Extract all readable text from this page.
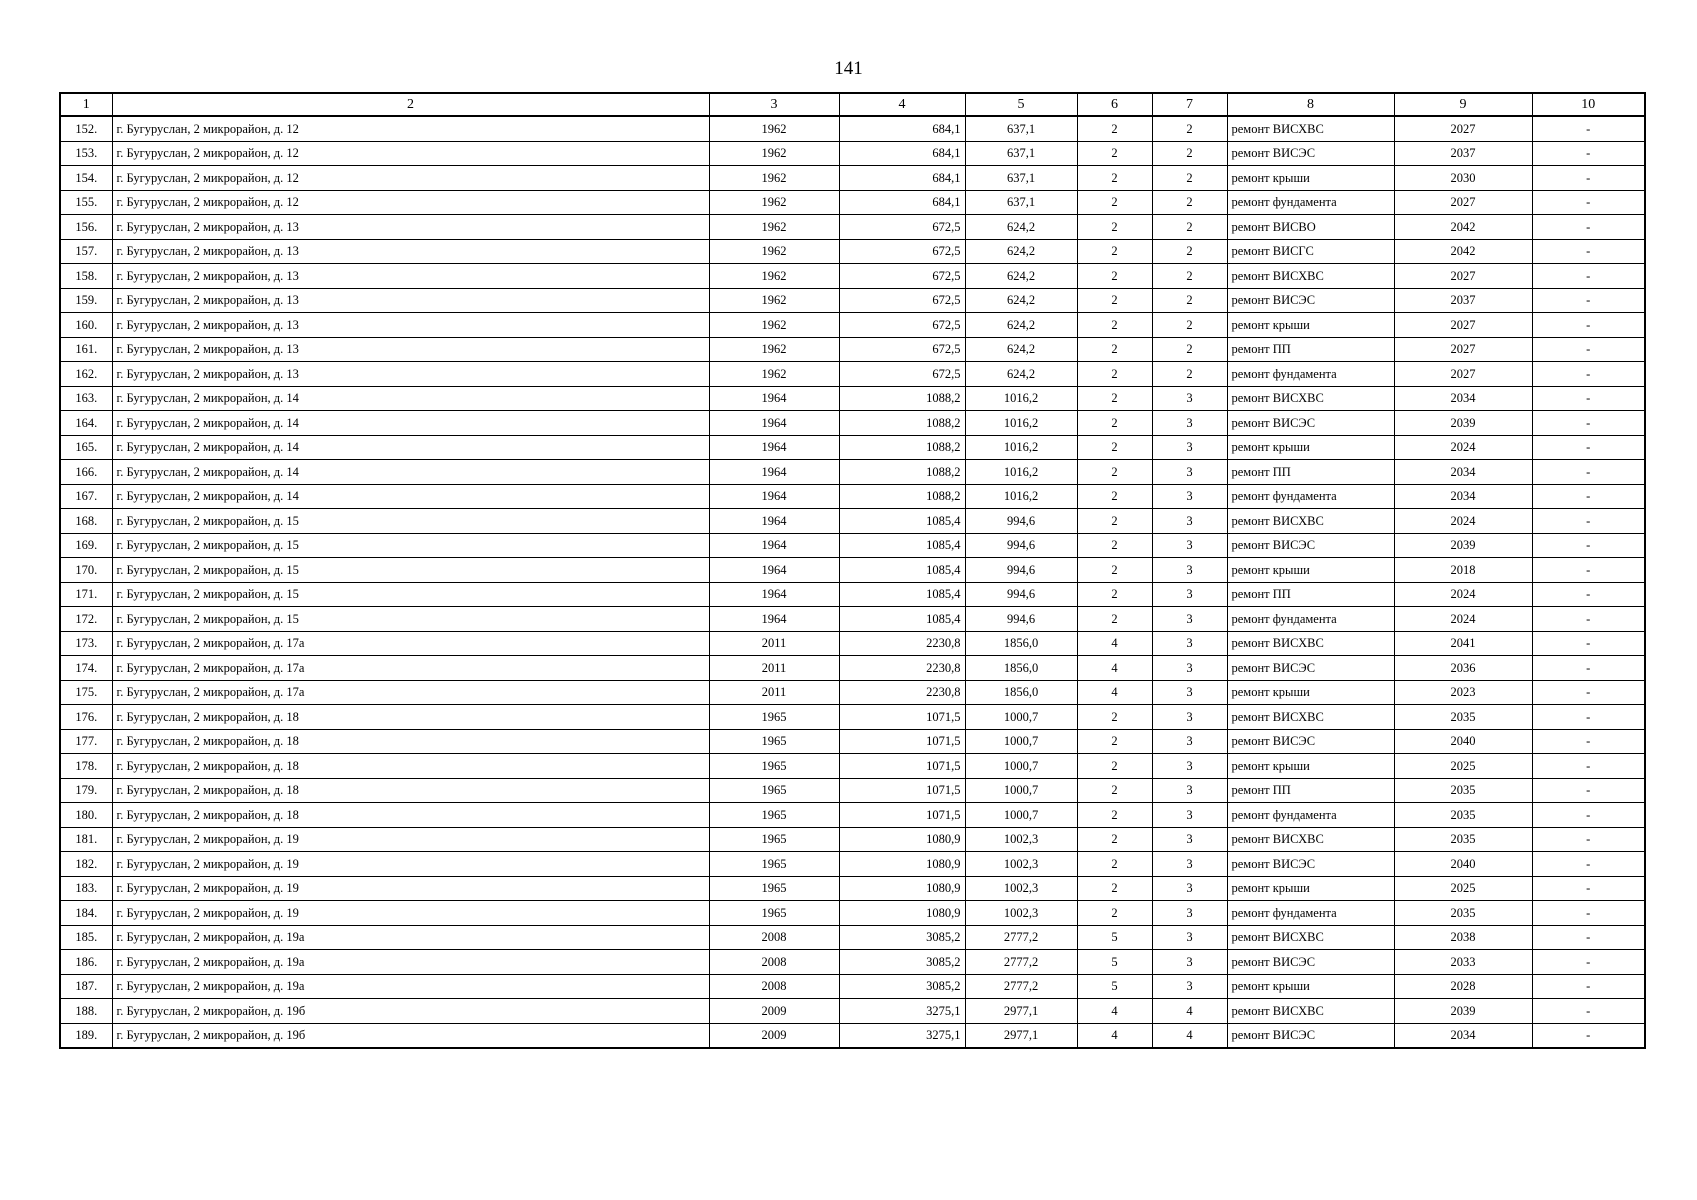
141
1	2	3	4	5	6	7	8	9	10
152.	г. Бугуруслан, 2 микрорайон, д. 12	1962	684,1	637,1	2	2	ремонт ВИСХВС	2027	-
153.	г. Бугуруслан, 2 микрорайон, д. 12	1962	684,1	637,1	2	2	ремонт ВИСЭС	2037	-
154.	г. Бугуруслан, 2 микрорайон, д. 12	1962	684,1	637,1	2	2	ремонт крыши	2030	-
155.	г. Бугуруслан, 2 микрорайон, д. 12	1962	684,1	637,1	2	2	ремонт фундамента	2027	-
156.	г. Бугуруслан, 2 микрорайон, д. 13	1962	672,5	624,2	2	2	ремонт ВИСВО	2042	-
157.	г. Бугуруслан, 2 микрорайон, д. 13	1962	672,5	624,2	2	2	ремонт ВИСГС	2042	-
158.	г. Бугуруслан, 2 микрорайон, д. 13	1962	672,5	624,2	2	2	ремонт ВИСХВС	2027	-
159.	г. Бугуруслан, 2 микрорайон, д. 13	1962	672,5	624,2	2	2	ремонт ВИСЭС	2037	-
160.	г. Бугуруслан, 2 микрорайон, д. 13	1962	672,5	624,2	2	2	ремонт крыши	2027	-
161.	г. Бугуруслан, 2 микрорайон, д. 13	1962	672,5	624,2	2	2	ремонт ПП	2027	-
162.	г. Бугуруслан, 2 микрорайон, д. 13	1962	672,5	624,2	2	2	ремонт фундамента	2027	-
163.	г. Бугуруслан, 2 микрорайон, д. 14	1964	1088,2	1016,2	2	3	ремонт ВИСХВС	2034	-
164.	г. Бугуруслан, 2 микрорайон, д. 14	1964	1088,2	1016,2	2	3	ремонт ВИСЭС	2039	-
165.	г. Бугуруслан, 2 микрорайон, д. 14	1964	1088,2	1016,2	2	3	ремонт крыши	2024	-
166.	г. Бугуруслан, 2 микрорайон, д. 14	1964	1088,2	1016,2	2	3	ремонт ПП	2034	-
167.	г. Бугуруслан, 2 микрорайон, д. 14	1964	1088,2	1016,2	2	3	ремонт фундамента	2034	-
168.	г. Бугуруслан, 2 микрорайон, д. 15	1964	1085,4	994,6	2	3	ремонт ВИСХВС	2024	-
169.	г. Бугуруслан, 2 микрорайон, д. 15	1964	1085,4	994,6	2	3	ремонт ВИСЭС	2039	-
170.	г. Бугуруслан, 2 микрорайон, д. 15	1964	1085,4	994,6	2	3	ремонт крыши	2018	-
171.	г. Бугуруслан, 2 микрорайон, д. 15	1964	1085,4	994,6	2	3	ремонт ПП	2024	-
172.	г. Бугуруслан, 2 микрорайон, д. 15	1964	1085,4	994,6	2	3	ремонт фундамента	2024	-
173.	г. Бугуруслан, 2 микрорайон, д. 17а	2011	2230,8	1856,0	4	3	ремонт ВИСХВС	2041	-
174.	г. Бугуруслан, 2 микрорайон, д. 17а	2011	2230,8	1856,0	4	3	ремонт ВИСЭС	2036	-
175.	г. Бугуруслан, 2 микрорайон, д. 17а	2011	2230,8	1856,0	4	3	ремонт крыши	2023	-
176.	г. Бугуруслан, 2 микрорайон, д. 18	1965	1071,5	1000,7	2	3	ремонт ВИСХВС	2035	-
177.	г. Бугуруслан, 2 микрорайон, д. 18	1965	1071,5	1000,7	2	3	ремонт ВИСЭС	2040	-
178.	г. Бугуруслан, 2 микрорайон, д. 18	1965	1071,5	1000,7	2	3	ремонт крыши	2025	-
179.	г. Бугуруслан, 2 микрорайон, д. 18	1965	1071,5	1000,7	2	3	ремонт ПП	2035	-
180.	г. Бугуруслан, 2 микрорайон, д. 18	1965	1071,5	1000,7	2	3	ремонт фундамента	2035	-
181.	г. Бугуруслан, 2 микрорайон, д. 19	1965	1080,9	1002,3	2	3	ремонт ВИСХВС	2035	-
182.	г. Бугуруслан, 2 микрорайон, д. 19	1965	1080,9	1002,3	2	3	ремонт ВИСЭС	2040	-
183.	г. Бугуруслан, 2 микрорайон, д. 19	1965	1080,9	1002,3	2	3	ремонт крыши	2025	-
184.	г. Бугуруслан, 2 микрорайон, д. 19	1965	1080,9	1002,3	2	3	ремонт фундамента	2035	-
185.	г. Бугуруслан, 2 микрорайон, д. 19а	2008	3085,2	2777,2	5	3	ремонт ВИСХВС	2038	-
186.	г. Бугуруслан, 2 микрорайон, д. 19а	2008	3085,2	2777,2	5	3	ремонт ВИСЭС	2033	-
187.	г. Бугуруслан, 2 микрорайон, д. 19а	2008	3085,2	2777,2	5	3	ремонт крыши	2028	-
188.	г. Бугуруслан, 2 микрорайон, д. 19б	2009	3275,1	2977,1	4	4	ремонт ВИСХВС	2039	-
189.	г. Бугуруслан, 2 микрорайон, д. 19б	2009	3275,1	2977,1	4	4	ремонт ВИСЭС	2034	-
